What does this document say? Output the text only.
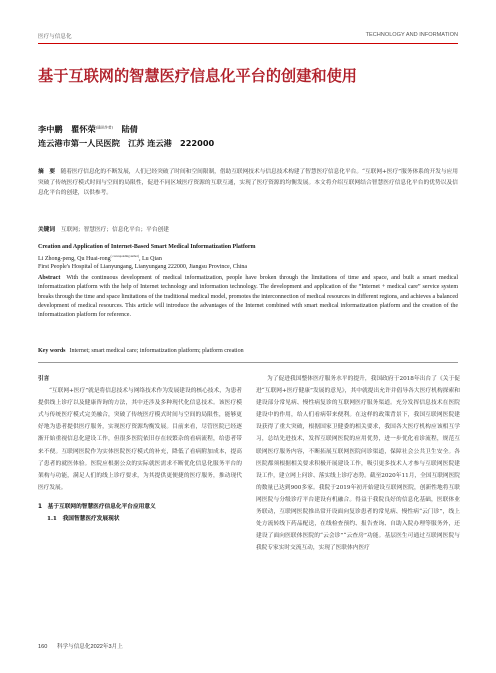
医疗与信息化	TECHNOLOGY AND INFORMATION
基于互联网的智慧医疗信息化平台的创建和使用
李中鹏 瞿怀荣$^{(通讯作者)}$ 陆倩
连云港市第一人民医院　江苏 连云港　222000
摘　要 随着医疗信息化的不断发展，人们已经突破了时间和空间限制，借助互联网技术与信息技术构建了智慧医疗信息化平台。“互联网+医疗”服务体系的开发与应用突破了传统医疗模式时间与空间的局限性，促进不同区域医疗资源的互联互通，实现了医疗资源的均衡发展。本文将介绍互联网结合智慧医疗信息化平台的优势以及信息化平台的创建，以供参考。
关键词 互联网；智慧医疗；信息化平台；平台创建
Creation and Application of Internet-Based Smart Medical Informatization Platform
Li Zhong-peng, Qu Huai-rong$^{( corresponding author)}$, Lu Qian
First People's Hospital of Lianyungang, Lianyungang 222000, Jiangsu Province, China
Abstract With the continuous development of medical informatization, people have broken through the limitations of time and space, and built a smart medical informatization platform with the help of Internet technology and information technology. The development and application of the “Internet + medical care” service system breaks through the time and space limitations of the traditional medical model, promotes the interconnection of medical resources in different regions, and achieves a balanced development of medical resources. This article will introduce the advantages of the Internet combined with smart medical informatization platform and the creation of the informatization platform for reference.
Key words Internet; smart medical care; informatization platform; platform creation
引言

“互联网+医疗”就是将信息技术与网络技术作为发展建设的核心技术，为患者提供线上诊疗以及健康咨询的方法，其中还涉及多种现代化信息技术。该医疗模式与传统医疗模式完美融合，突破了传统医疗模式时间与空间的局限性，能够更好地为患者提供医疗服务，实现医疗资源均衡发展。目前来看，尽管医院已经逐渐开始重视信息化建设工作，但很多医院依旧存在较繁杂的看病流程，给患者带来不便。互联网医院作为实体医院医疗模式的补充，降低了看病附加成本，提高了患者的就医体验。医院应根据公众的实际就医需求不断优化信息化服务平台的架构与功能，满足人们的线上诊疗要求，为其提供更便捷的医疗服务，推动现代医疗发展。

1　基于互联网的智慧医疗信息化平台应用意义
1.1　我国智慧医疗发展现状

为了促进我国整体医疗服务水平的提升，我国政府于2018年出台了《关于促进“互联网+医疗健康”发展的意见》，其中就提出允许并倡导各大医疗机构探索和建设部分常见病、慢性病复诊的互联网医疗服务渠道。充分发挥信息技术在医院建设中的作用，给人们看病带来便利。在这样的政策背景下，我国互联网医院建设获得了重大突破，根据国家卫健委的相关要求，我国各大医疗机构应该相互学习，总结先进技术，发挥互联网医院的应用优势，进一步优化看诊流程，规范互联网医疗服务内容，不断拓展互联网医院问诊渠道，保障社会公共卫生安全。各医院都须根据相关要求积极开展建设工作，吸引更多技术人才参与互联网医院建设工作，建立网上问诊、落实线上诊疗态势。截至2020年11月，全国互联网医院的数量已达到900多家。我院于2019年初开始建设互联网医院，创新性地将互联网医院与分级诊疗平台建设有机融合。得益于我院良好的信息化基础，医联体业务联动，互联网医院推出常开设面向复诊患者的常见病、慢性病“云门诊”，线上处方流转线下药品配送，在线检查预约、报告查询、自助入院办理等服务外，还建设了面向医联体医院的“云会诊”“云查房”功能。基层医生可通过互联网医院与我院专家实时交流互动，实现了医联体内医疗

160 科学与信息化2022年3月上
